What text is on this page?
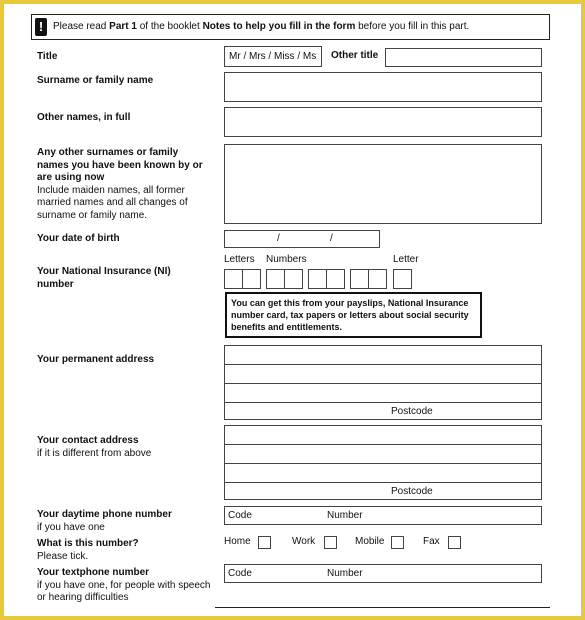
! Please read Part 1 of the booklet Notes to help you fill in the form before you fill in this part.
Title	Mr / Mrs / Miss / Ms Other title
Surname or family name
Other names, in full
Any other surnames or family names you have been known by or are using now
Include maiden names, all former married names and all changes of surname or family name.
Your date of birth	/	/
Your National Insurance (NI) number
Letters Numbers	Letter
You can get this from your payslips, National Insurance number card, tax papers or letters about social security benefits and entitlements.
Your permanent address
Postcode
Your contact address
if it is different from above
Postcode
Your daytime phone number
if you have one
Code	Number
What is this number?
Please tick.
Home	Work	Mobile	Fax
Your textphone number
if you have one, for people with speech or hearing difficulties
Code	Number
